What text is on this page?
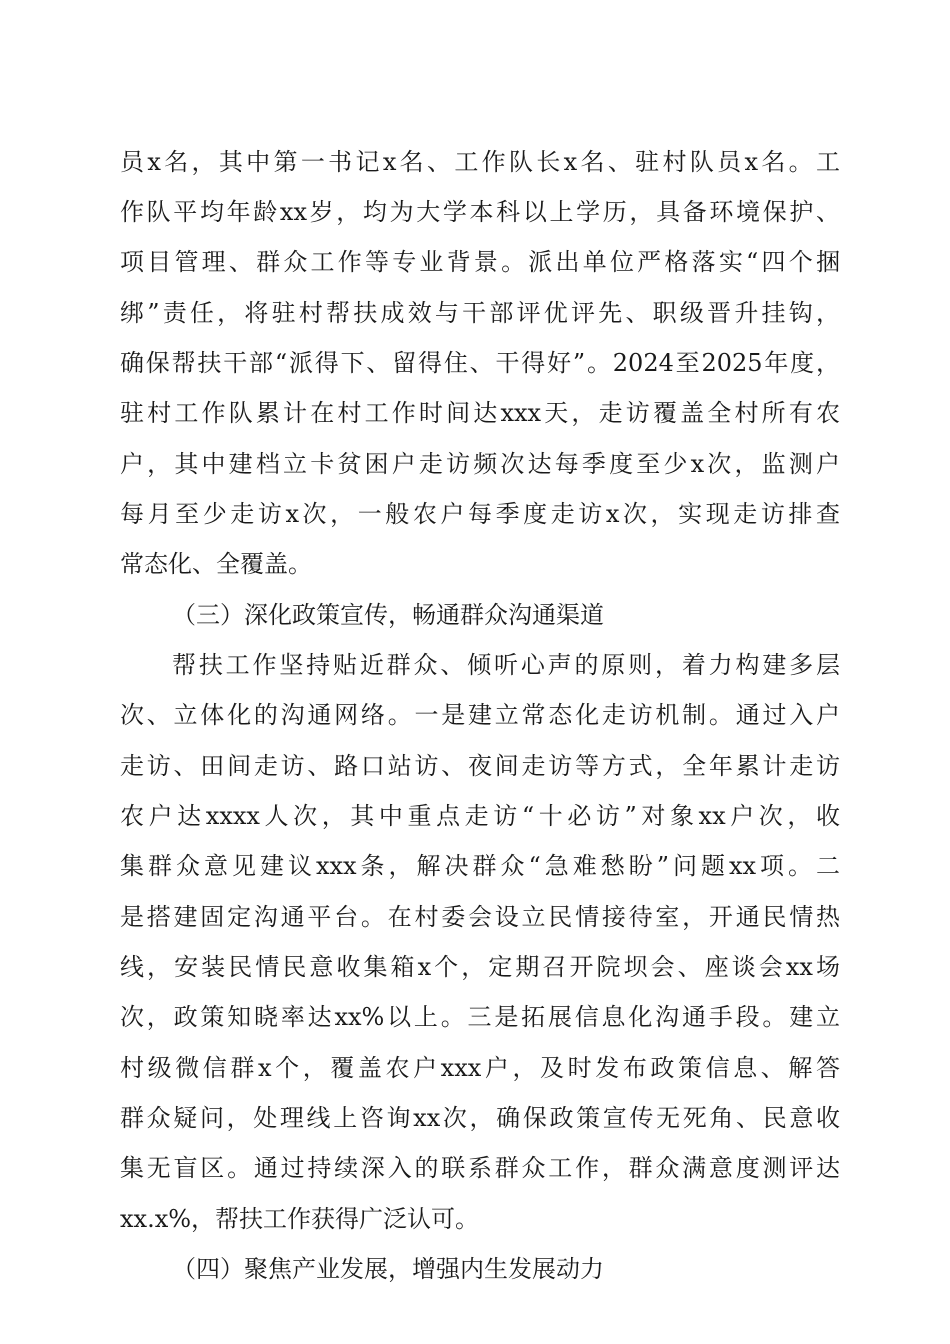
员x名，其中第一书记x名、工作队长x名、驻村队员x名。工
作队平均年龄xx岁，均为大学本科以上学历，具备环境保护、
项目管理、群众工作等专业背景。派出单位严格落实“四个捆
绑”责任，将驻村帮扶成效与干部评优评先、职级晋升挂钩，
确保帮扶干部“派得下、留得住、干得好”。2024至2025年度，
驻村工作队累计在村工作时间达xxx天，走访覆盖全村所有农
户，其中建档立卡贫困户走访频次达每季度至少x次，监测户
每月至少走访x次，一般农户每季度走访x次，实现走访排查
常态化、全覆盖。
（三）深化政策宣传，畅通群众沟通渠道
帮扶工作坚持贴近群众、倾听心声的原则，着力构建多层
次、立体化的沟通网络。一是建立常态化走访机制。通过入户
走访、田间走访、路口站访、夜间走访等方式，全年累计走访
农户达xxxx人次，其中重点走访“十必访”对象xx户次，收
集群众意见建议xxx条，解决群众“急难愁盼”问题xx项。二
是搭建固定沟通平台。在村委会设立民情接待室，开通民情热
线，安装民情民意收集箱x个，定期召开院坝会、座谈会xx场
次，政策知晓率达xx%以上。三是拓展信息化沟通手段。建立
村级微信群x个，覆盖农户xxx户，及时发布政策信息、解答
群众疑问，处理线上咨询xx次，确保政策宣传无死角、民意收
集无盲区。通过持续深入的联系群众工作，群众满意度测评达
xx.x%，帮扶工作获得广泛认可。
（四）聚焦产业发展，增强内生发展动力
